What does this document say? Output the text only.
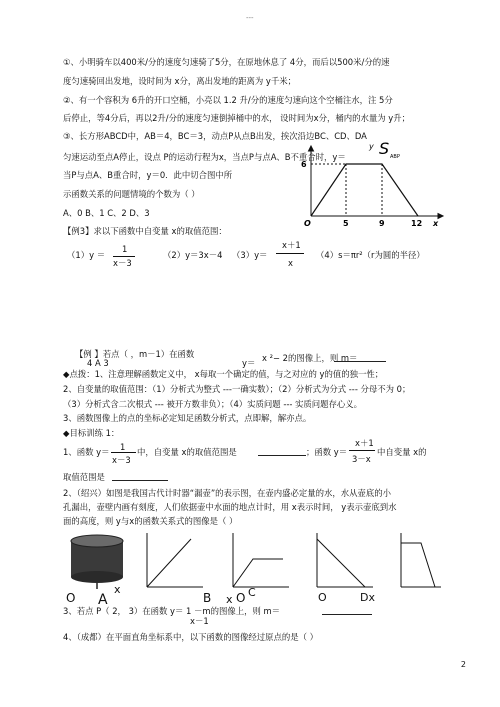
---
①、小明骑车以400米/分的速度匀速骑了5分，在原地休息了 4分，而后以500米/分的速
度匀速骑回出发地，设时间为 x分，离出发地的距离为 y千米；
②、有一个容积为 6升的开口空桶，小亮以 1.2 升/分的速度匀速向这个空桶注水，注 5分
后停止，等4分后，再以2升/分的速度匀速倒掉桶中的水， 设时间为x分，桶内的水量为 y升；
③、长方形ABCD中，AB＝4，BC＝3，动点P从点B出发，挨次沿边BC、CD、DA
匀速运动至点A停止，设点 P的运动行程为x，当点P与点A、B不重合时，y＝
当P与点A、B重合时，y＝0．此中切合图中所
示函数关系的问题情境的个数为（ ）
A、0 B、1 C、2 D、3
S ABP
y
6
O	5	9	12 x
【例3】求以下函数中自变量 x的取值范围：
（1）y ＝
1
x－3
（2）y＝3x－4 （3）y＝
x＋1
x
（4）s＝πr²（r为圆的半径）
【例 】若点（ ，m－1）在函数
4 A 3	y＝ x ²− 2的图像上，则 m＝
◆点拨：1、注意理解函数定义中， x每取一个确定的值，与之对应的 y的值的独一性；
2、自变量的取值范围：（1）分析式为整式 ---一确实数）；（2）分析式为分式 --- 分母不为 0；
（3）分析式含二次根式 --- 被开方数非负）；（4）实质问题 --- 实质问题存心义。
3、函数图像上的点的坐标必定知足函数分析式，点即解，解亦点。
◆目标训练 1：
1、函数 y＝ 1
x－3
中，自变量 x的取值范围是	；函数 y＝
x＋1
3－x
中自变量 x的
取值范围是
2、（绍兴）如图是我国古代计时器“漏壶”的表示图，在壶内盛必定量的水，水从壶底的小
孔漏出，壶壁内画有刻度，人们依据壶中水面的地点计时，用 x表示时间， y表示壶底到水
面的高度，则 y与x的函数关系式的图像是（ ）
O A
x
O C
B x	O	Dx
3、若点 P（ 2， 3）在函数 y＝ 1 －m的图像上，则 m＝
x－1
4、（成都）在平面直角坐标系中，以下函数的图像经过原点的是（ ）
2
